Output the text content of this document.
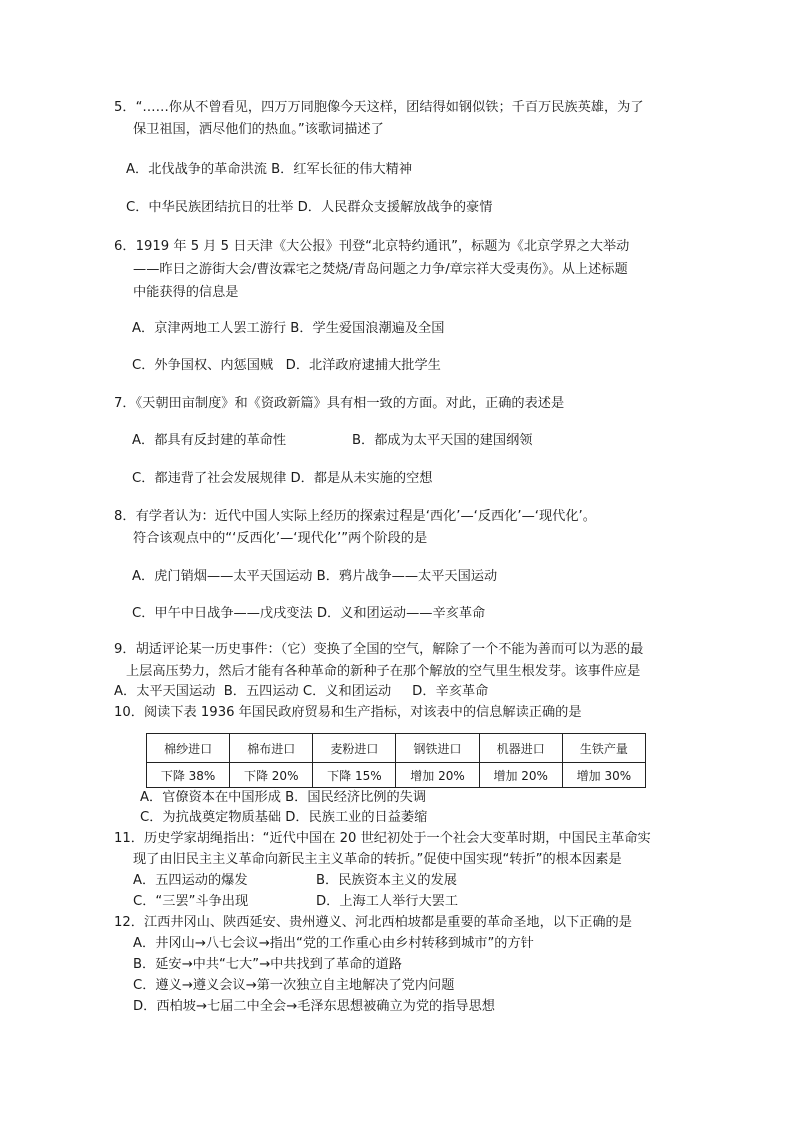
5．“……你从不曾看见，四万万同胞像今天这样，团结得如钢似铁；千百万民族英雄，为了
保卫祖国，洒尽他们的热血。”该歌词描述了
A．北伐战争的革命洪流 B．红军长征的伟大精神
C．中华民族团结抗日的壮举 D．人民群众支援解放战争的豪情
6．1919 年 5 月 5 日天津《大公报》刊登“北京特约通讯”，标题为《北京学界之大举动
——昨日之游街大会/曹汝霖宅之焚烧/青岛问题之力争/章宗祥大受夷伤》。从上述标题
中能获得的信息是
A．京津两地工人罢工游行 B．学生爱国浪潮遍及全国
C．外争国权、内惩国贼   D．北洋政府逮捕大批学生
7．《天朝田亩制度》和《资政新篇》具有相一致的方面。对此，正确的表述是
A．都具有反封建的革命性	B．都成为太平天国的建国纲领
C．都违背了社会发展规律 D．都是从未实施的空想
8．有学者认为：近代中国人实际上经历的探索过程是‘西化’—‘反西化’—‘现代化’。
符合该观点中的“‘反西化’—‘现代化’”两个阶段的是
A．虎门销烟——太平天国运动 B．鸦片战争——太平天国运动
C．甲午中日战争——戊戌变法 D．义和团运动——辛亥革命
9．胡适评论某一历史事件：（它）变换了全国的空气，解除了一个不能为善而可以为恶的最
上层高压势力，然后才能有各种革命的新种子在那个解放的空气里生根发芽。该事件应是
A．太平天国运动  B．五四运动 C．义和团运动     D．辛亥革命
10．阅读下表 1936 年国民政府贸易和生产指标，对该表中的信息解读正确的是
棉纱进口	棉布进口	麦粉进口	钢铁进口	机器进口	生铁产量
下降 38%	下降 20%	下降 15%	增加 20%	增加 20%	增加 30%
A．官僚资本在中国形成 B．国民经济比例的失调
C．为抗战奠定物质基础 D．民族工业的日益萎缩
11．历史学家胡绳指出：“近代中国在 20 世纪初处于一个社会大变革时期，中国民主革命实
现了由旧民主主义革命向新民主主义革命的转折。”促使中国实现“转折”的根本因素是
A．五四运动的爆发	B．民族资本主义的发展
C．“三罢”斗争出现	D．上海工人举行大罢工
12．江西井冈山、陕西延安、贵州遵义、河北西柏坡都是重要的革命圣地，以下正确的是
A．井冈山→八七会议→指出“党的工作重心由乡村转移到城市”的方针
B．延安→中共“七大”→中共找到了革命的道路
C．遵义→遵义会议→第一次独立自主地解决了党内问题
D．西柏坡→七届二中全会→毛泽东思想被确立为党的指导思想
